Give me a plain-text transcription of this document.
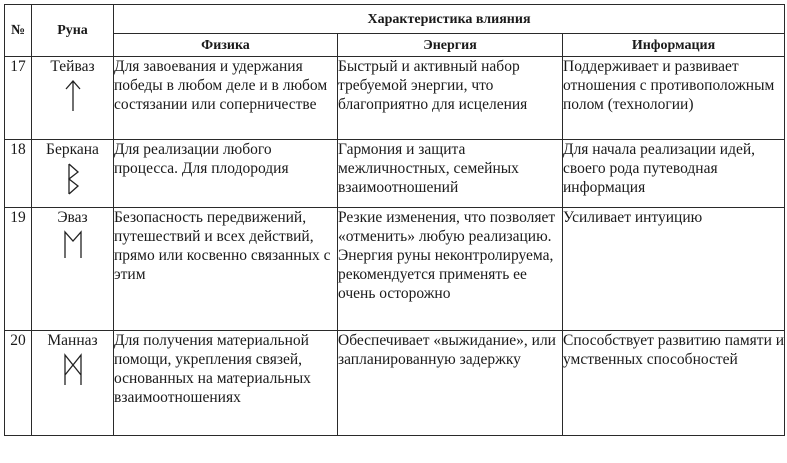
№	Руна	Характеристика влияния		
		Физика	Энергия	Информация
17	Тейваз	Для завоевания и удержания победы в любом деле и в любом состязании или соперничестве	Быстрый и активный набор требуемой энергии, что благоприятно для исцеления	Поддерживает и развивает отношения с противоположным полом (технологии)
18	Беркана	Для реализации любого процесса. Для плодородия	Гармония и защита межличностных, семейных взаимоотношений	Для начала реализации идей, своего рода путеводная информация
19	Эваз	Безопасность передвижений, путешествий и всех действий, прямо или косвенно связанных с этим	Резкие изменения, что позволяет «отменить» любую реализацию. Энергия руны неконтролируема, рекомендуется применять ее очень осторожно	Усиливает интуицию
20	Манназ	Для получения материальной помощи, укрепления связей, основанных на материальных взаимоотношениях	Обеспечивает «выжидание», или запланированную задержку	Способствует развитию памяти и умственных способностей
